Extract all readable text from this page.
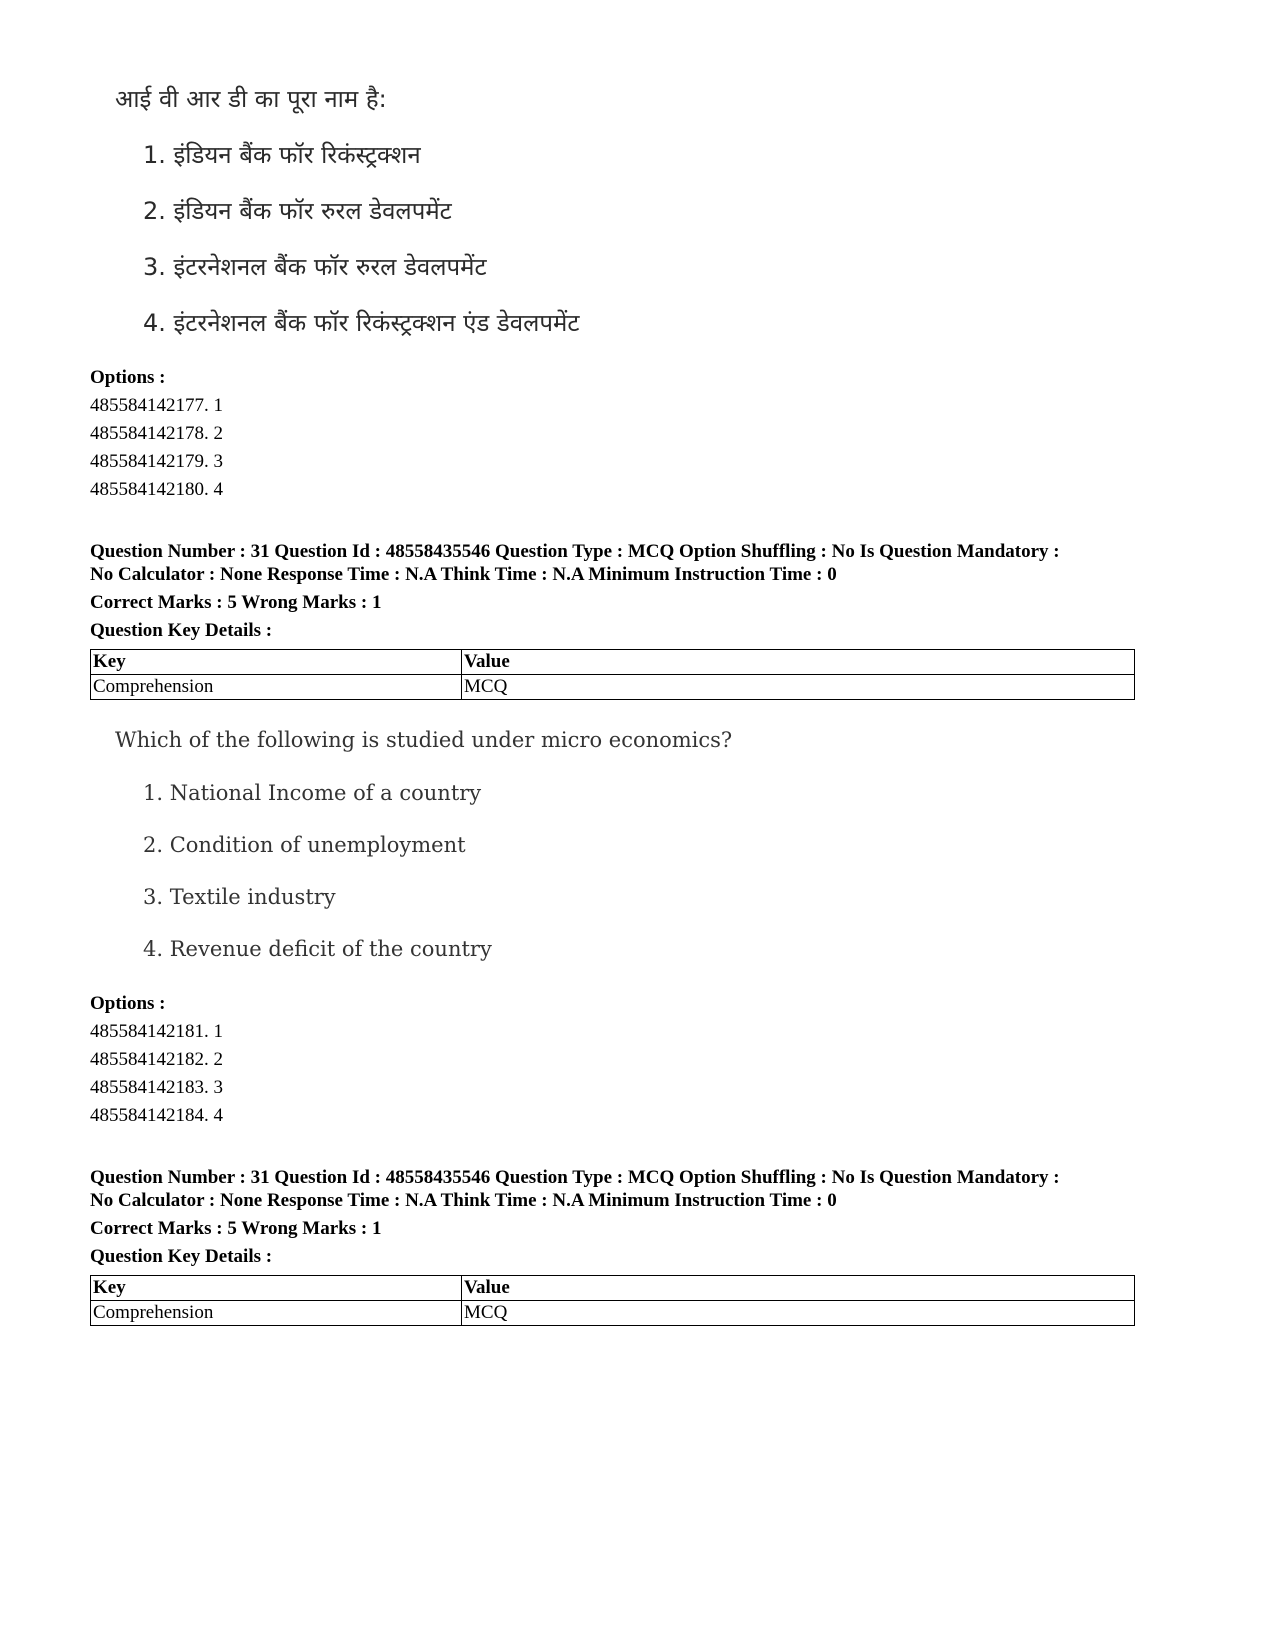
आई वी आर डी का पूरा नाम है:
1. इंडियन बैंक फॉर रिकंस्ट्रक्शन
2. इंडियन बैंक फॉर रुरल डेवलपमेंट
3. इंटरनेशनल बैंक फॉर रुरल डेवलपमेंट
4. इंटरनेशनल बैंक फॉर रिकंस्ट्रक्शन एंड डेवलपमेंट
Options :
485584142177. 1
485584142178. 2
485584142179. 3
485584142180. 4
Question Number : 31 Question Id : 48558435546 Question Type : MCQ Option Shuffling : No Is Question Mandatory :
No Calculator : None Response Time : N.A Think Time : N.A Minimum Instruction Time : 0
Correct Marks : 5 Wrong Marks : 1
Question Key Details :
Key	Value
Comprehension	MCQ
Which of the following is studied under micro economics?
1. National Income of a country
2. Condition of unemployment
3. Textile industry
4. Revenue deficit of the country
Options :
485584142181. 1
485584142182. 2
485584142183. 3
485584142184. 4
Question Number : 31 Question Id : 48558435546 Question Type : MCQ Option Shuffling : No Is Question Mandatory :
No Calculator : None Response Time : N.A Think Time : N.A Minimum Instruction Time : 0
Correct Marks : 5 Wrong Marks : 1
Question Key Details :
Key	Value
Comprehension	MCQ
